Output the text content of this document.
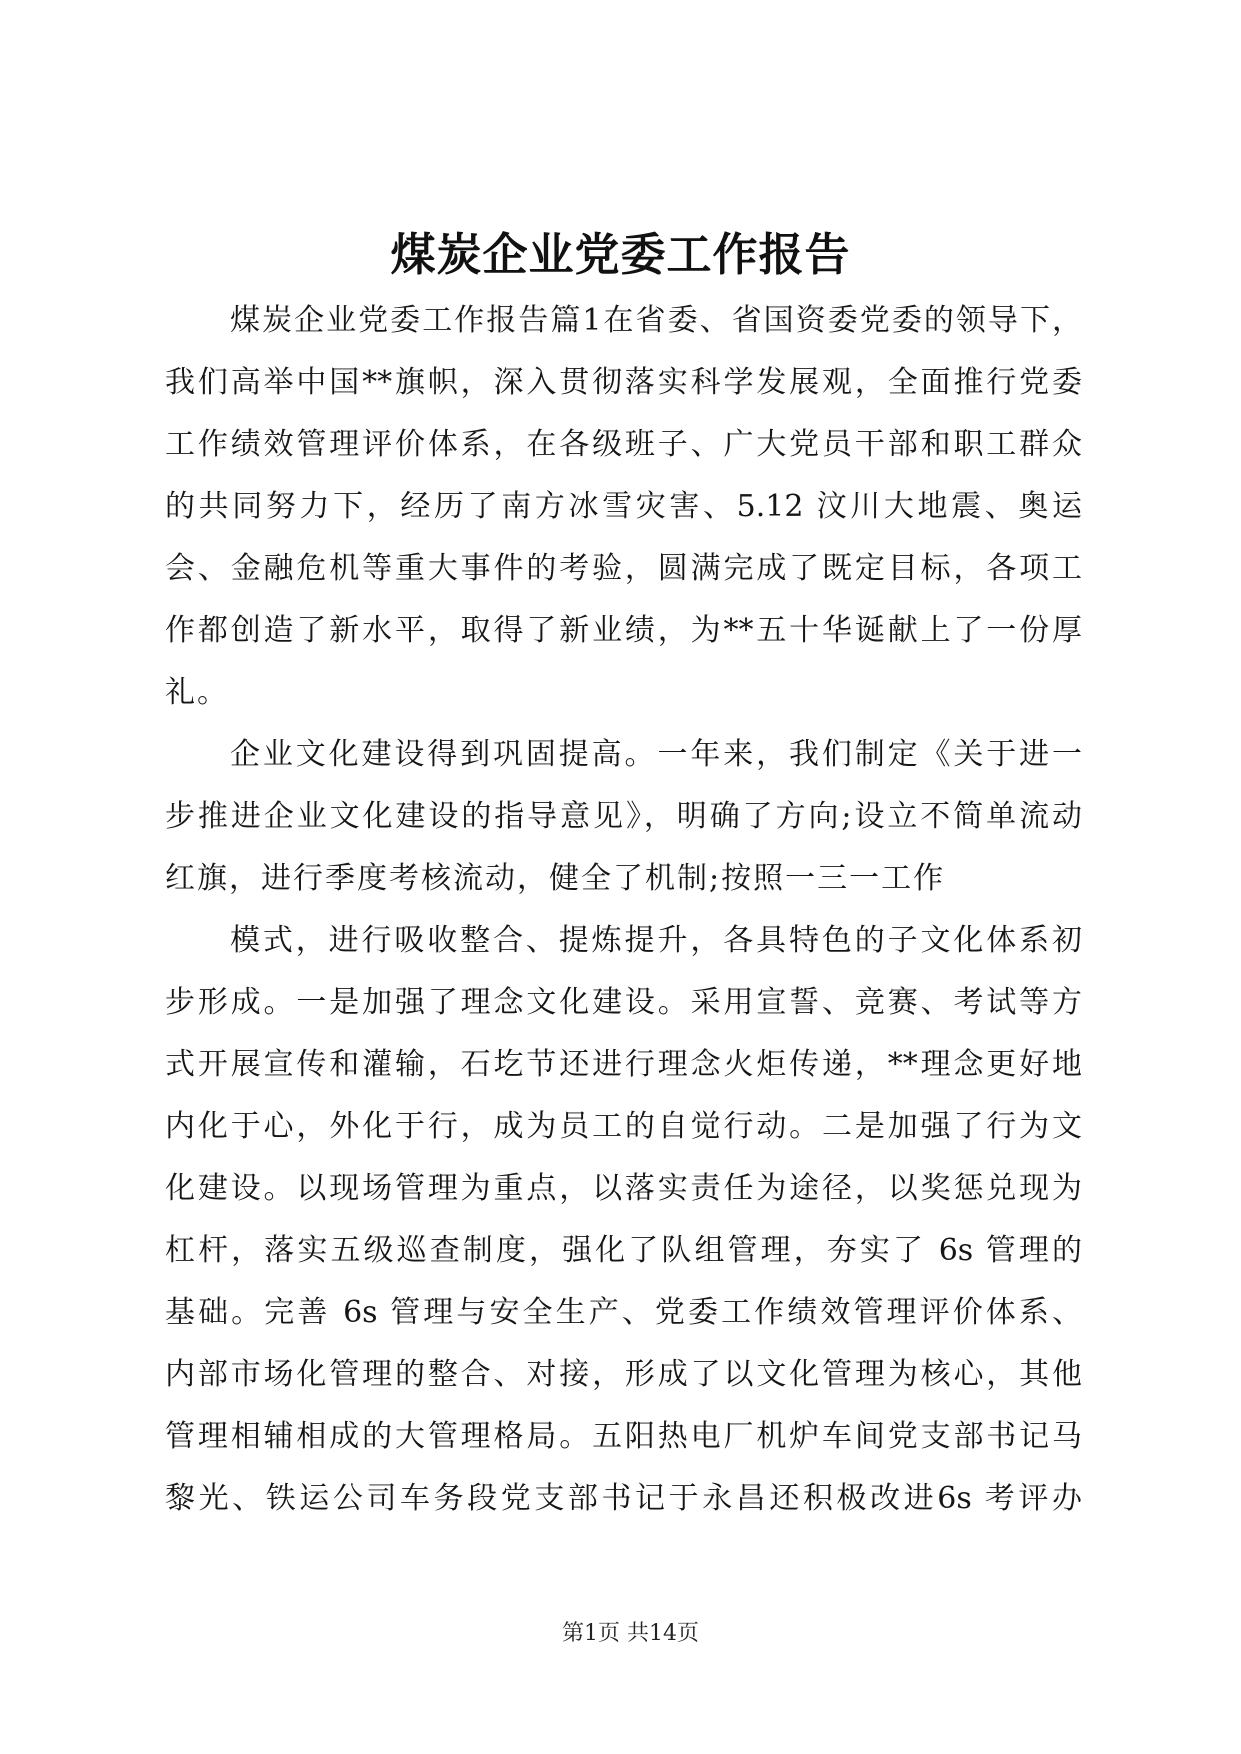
煤炭企业党委工作报告
煤炭企业党委工作报告篇1在省委、省国资委党委的领导下，
我们高举中国**旗帜，深入贯彻落实科学发展观，全面推行党委
工作绩效管理评价体系，在各级班子、广大党员干部和职工群众
的共同努力下，经历了南方冰雪灾害、5.12 汶川大地震、奥运
会、金融危机等重大事件的考验，圆满完成了既定目标，各项工
作都创造了新水平，取得了新业绩，为**五十华诞献上了一份厚
礼。
企业文化建设得到巩固提高。一年来，我们制定《关于进一
步推进企业文化建设的指导意见》，明确了方向;设立不简单流动
红旗，进行季度考核流动，健全了机制;按照一三一工作
模式，进行吸收整合、提炼提升，各具特色的子文化体系初
步形成。一是加强了理念文化建设。采用宣誓、竞赛、考试等方
式开展宣传和灌输，石圪节还进行理念火炬传递，**理念更好地
内化于心，外化于行，成为员工的自觉行动。二是加强了行为文
化建设。以现场管理为重点，以落实责任为途径，以奖惩兑现为
杠杆，落实五级巡查制度，强化了队组管理，夯实了 6s 管理的
基础。完善 6s 管理与安全生产、党委工作绩效管理评价体系、
内部市场化管理的整合、对接，形成了以文化管理为核心，其他
管理相辅相成的大管理格局。五阳热电厂机炉车间党支部书记马
黎光、铁运公司车务段党支部书记于永昌还积极改进6s 考评办
第1页 共14页
